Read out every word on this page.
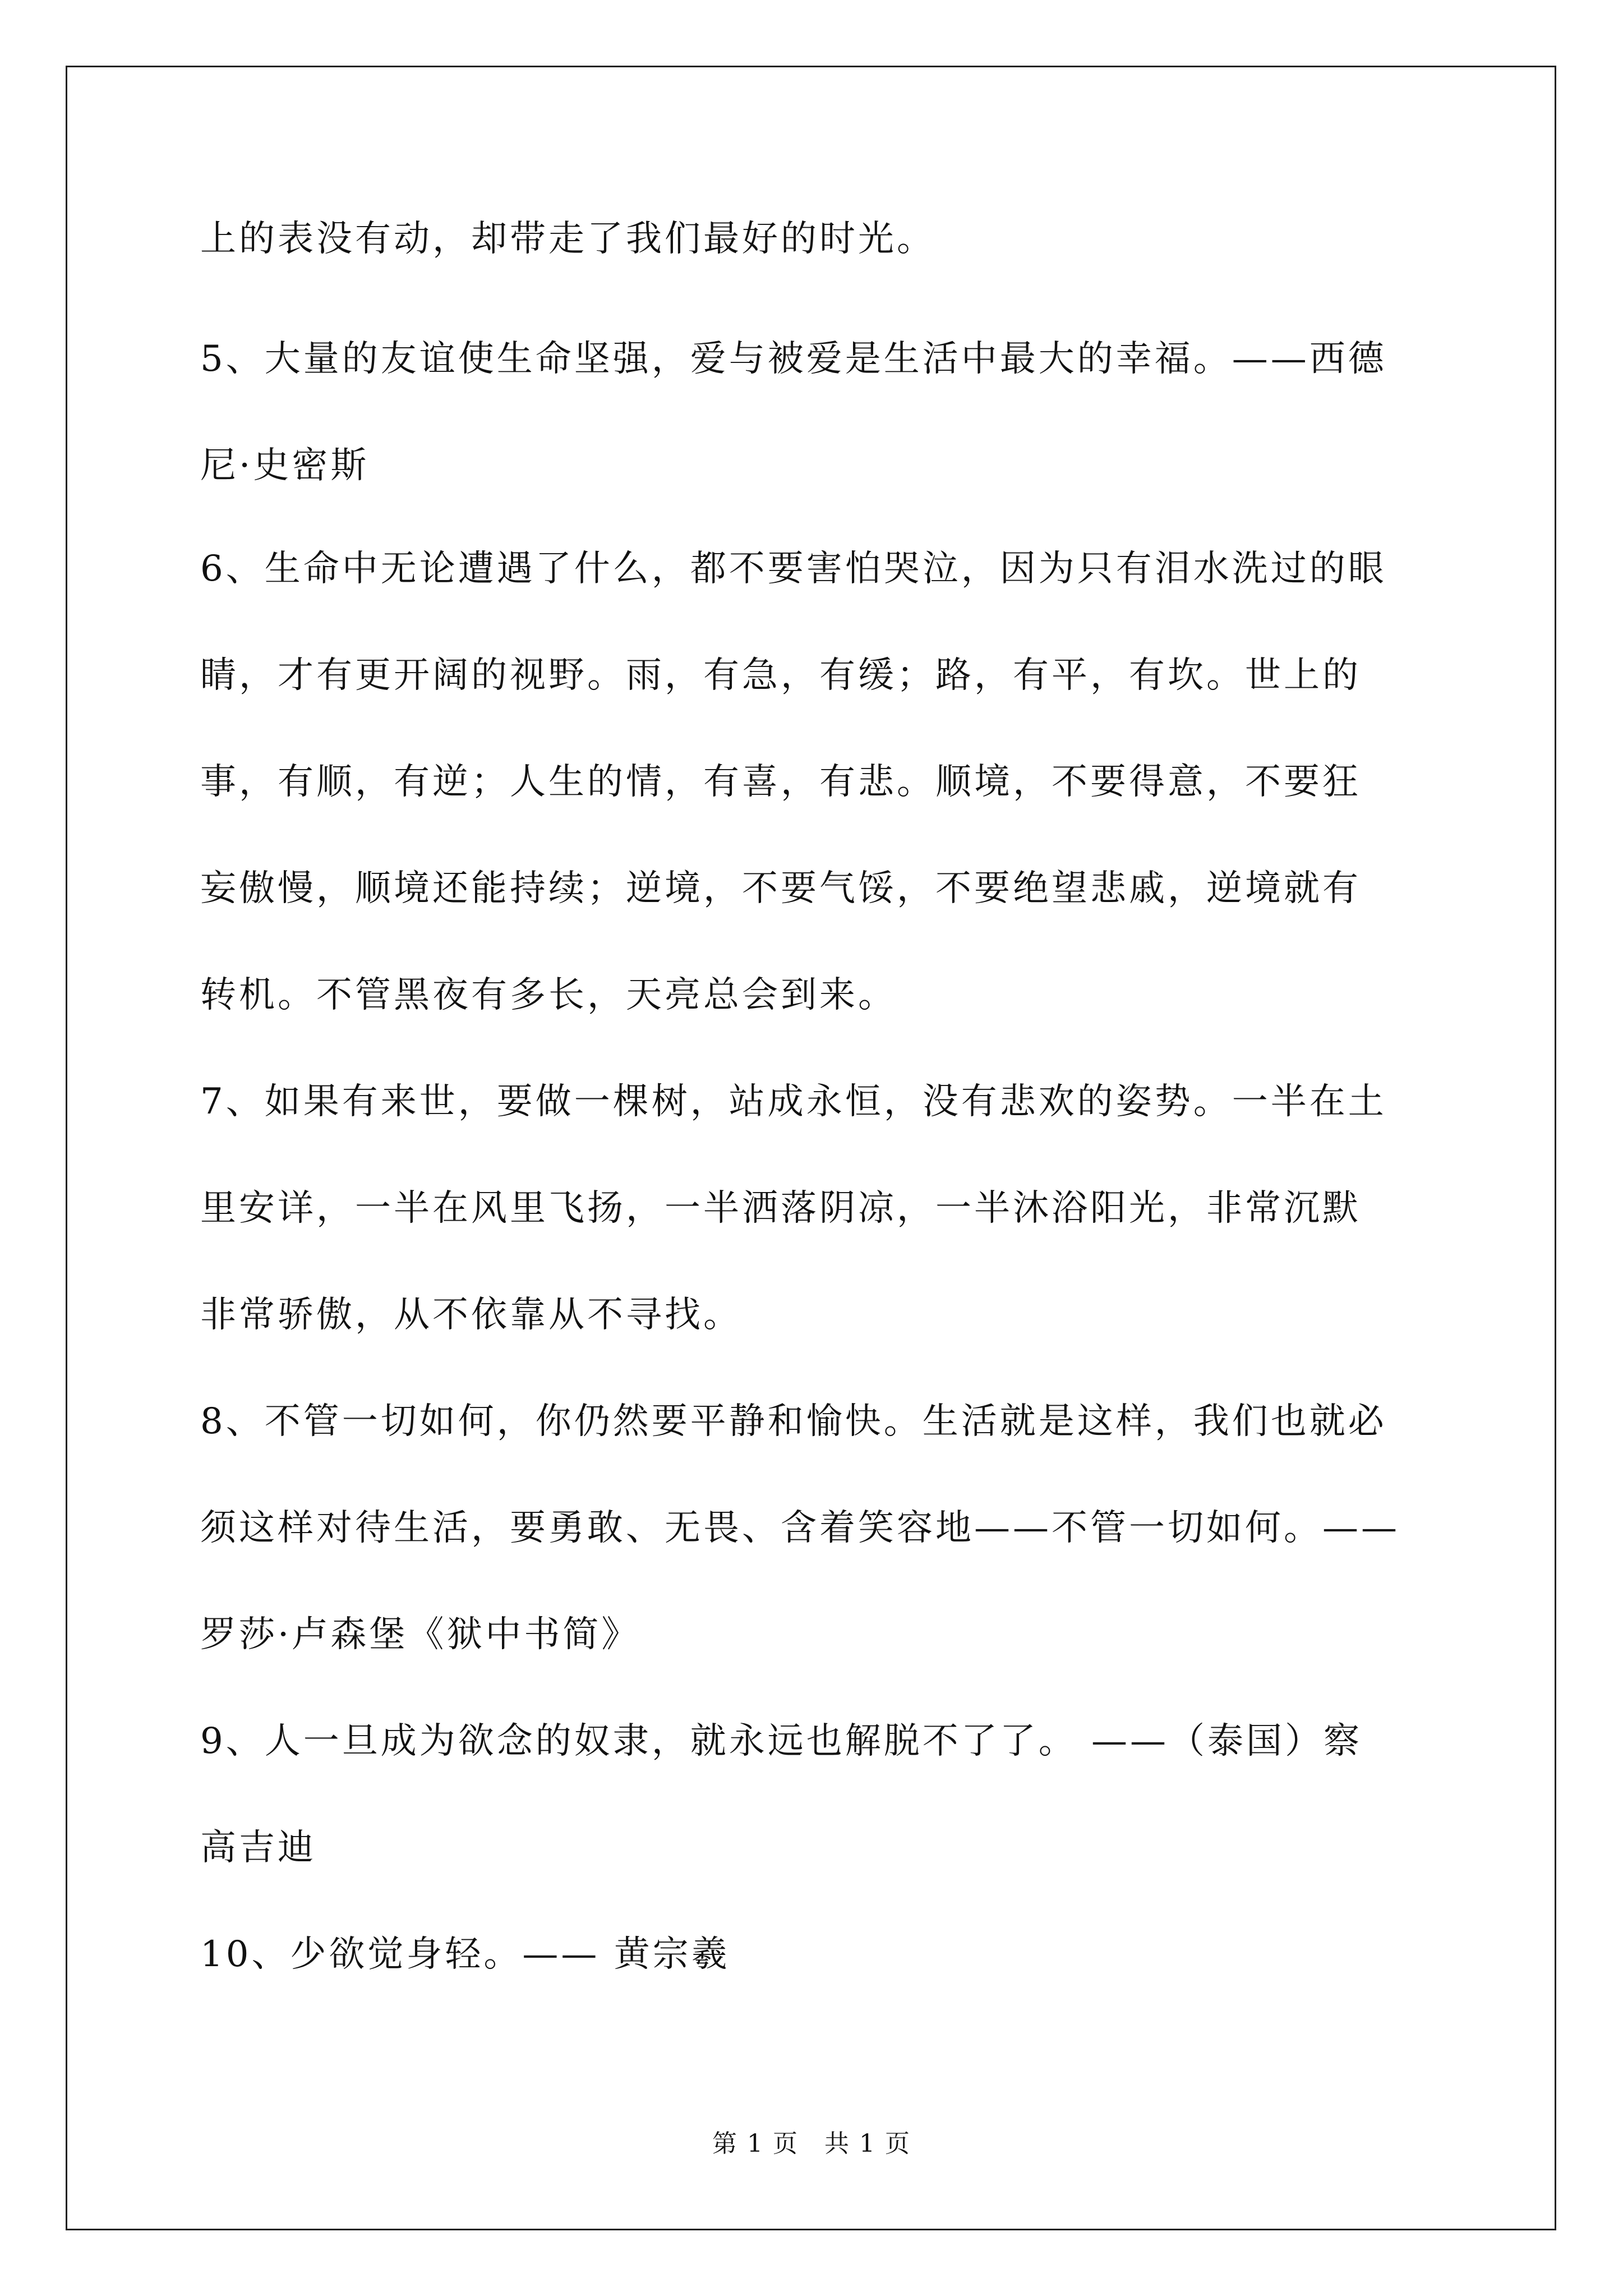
上的表没有动，却带走了我们最好的时光。
5、大量的友谊使生命坚强，爱与被爱是生活中最大的幸福。——西德
尼·史密斯
6、生命中无论遭遇了什么，都不要害怕哭泣，因为只有泪水洗过的眼
睛，才有更开阔的视野。雨，有急，有缓；路，有平，有坎。世上的
事，有顺，有逆；人生的情，有喜，有悲。顺境，不要得意，不要狂
妄傲慢，顺境还能持续；逆境，不要气馁，不要绝望悲戚，逆境就有
转机。不管黑夜有多长，天亮总会到来。
7、如果有来世，要做一棵树，站成永恒，没有悲欢的姿势。一半在土
里安详，一半在风里飞扬，一半洒落阴凉，一半沐浴阳光，非常沉默
非常骄傲，从不依靠从不寻找。
8、不管一切如何，你仍然要平静和愉快。生活就是这样，我们也就必
须这样对待生活，要勇敢、无畏、含着笑容地——不管一切如何。——
罗莎·卢森堡《狱中书简》
9、人一旦成为欲念的奴隶，就永远也解脱不了了。 ——（泰国）察
高吉迪
10、少欲觉身轻。—— 黄宗羲
第 1 页　共 1 页
